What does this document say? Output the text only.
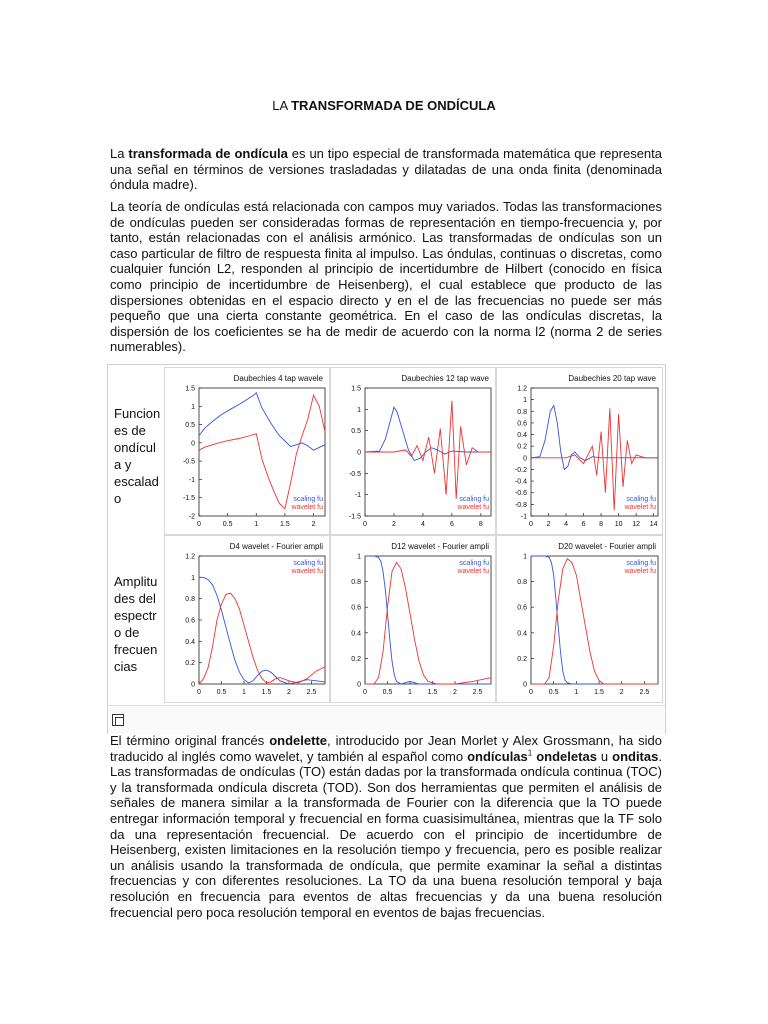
LA TRANSFORMADA DE ONDÍCULA

La transformada de ondícula es un tipo especial de transformada matemática que representa una señal en términos de versiones trasladadas y dilatadas de una onda finita (denominada óndula madre).

La teoría de ondículas está relacionada con campos muy variados. Todas las transformaciones de ondículas pueden ser consideradas formas de representación en tiempo-frecuencia y, por tanto, están relacionadas con el análisis armónico. Las transformadas de ondículas son un caso particular de filtro de respuesta finita al impulso. Las óndulas, continuas o discretas, como cualquier función L2, responden al principio de incertidumbre de Hilbert (conocido en física como principio de incertidumbre de Heisenberg), el cual establece que producto de las dispersiones obtenidas en el espacio directo y en el de las frecuencias no puede ser más pequeño que una cierta constante geométrica. En el caso de las ondículas discretas, la dispersión de los coeficientes se ha de medir de acuerdo con la norma l2 (norma 2 de series numerables).

Funcion es de ondícul a y escalad o
Amplitu des del espectr o de frecuen cias
Daubechies 4 tap wavele
1.5
1
0.5
0
-0.5
-1
-1.5
-2
0	0.5	1	1.5	2
scaling fu
wavelet fu
Daubechies 12 tap wave
1.5
1
0.5
0
-0.5
-1
-1.5
0	2	4	6	8
scaling fu
wavelet fu
Daubechies 20 tap wave
1.2
1
0.8
0.6
0.4
0.2
0
-0.2
-0.4
-0.6
-0.8
-1
0 2 4 6 8 10 12 14
scaling fu
wavelet fu
D4 wavelet - Fourier ampli
1.2
1
0.8
0.6
0.4
0.2
0
0 0.5 1 1.5 2 2.5
scaling fu
wavelet fu
D12 wavelet - Fourier ampli
1
0.8
0.6
0.4
0.2
0
0 0.5 1 1.5 2 2.5
scaling fu
wavelet fu
D20 wavelet - Fourier ampli
1
0.8
0.6
0.4
0.2
0
0 0.5 1 1.5 2 2.5
scaling fu
wavelet fu

El término original francés ondelette, introducido por Jean Morlet y Alex Grossmann, ha sido traducido al inglés como wavelet, y también al español como ondículas$^1$ ondeletas u onditas. Las transformadas de ondículas (TO) están dadas por la transformada ondícula continua (TOC) y la transformada ondícula discreta (TOD). Son dos herramientas que permiten el análisis de señales de manera similar a la transformada de Fourier con la diferencia que la TO puede entregar información temporal y frecuencial en forma cuasisimultánea, mientras que la TF solo da una representación frecuencial. De acuerdo con el principio de incertidumbre de Heisenberg, existen limitaciones en la resolución tiempo y frecuencia, pero es posible realizar un análisis usando la transformada de ondícula, que permite examinar la señal a distintas frecuencias y con diferentes resoluciones. La TO da una buena resolución temporal y baja resolución en frecuencia para eventos de altas frecuencias y da una buena resolución frecuencial pero poca resolución temporal en eventos de bajas frecuencias.
